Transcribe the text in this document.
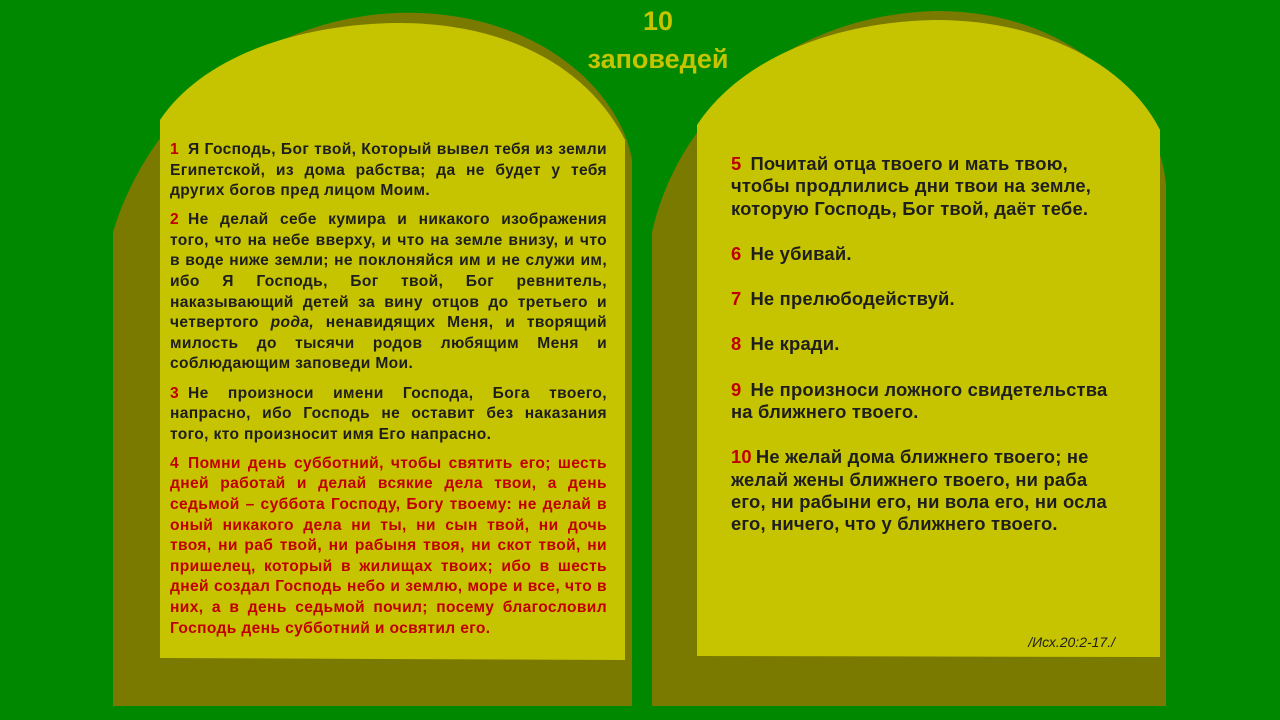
10
заповедей

1 Я Господь, Бог твой, Который вывел тебя из земли Египетской, из дома рабства; да не будет у тебя других богов пред лицом Моим.

2 Не делай себе кумира и никакого изображения того, что на небе вверху, и что на земле внизу, и что в воде ниже земли; не поклоняйся им и не служи им, ибо Я Господь, Бог твой, Бог ревнитель, наказывающий детей за вину отцов до третьего и четвертого рода, ненавидящих Меня, и творящий милость до тысячи родов любящим Меня и соблюдающим заповеди Мои.

3 Не произноси имени Господа, Бога твоего, напрасно, ибо Господь не оставит без наказания того, кто произносит имя Его напрасно.

4 Помни день субботний, чтобы святить его; шесть дней работай и делай всякие дела твои, а день седьмой – суббота Господу, Богу твоему: не делай в оный никакого дела ни ты, ни сын твой, ни дочь твоя, ни раб твой, ни рабыня твоя, ни скот твой, ни пришелец, который в жилищах твоих; ибо в шесть дней создал Господь небо и землю, море и все, что в них, а в день седьмой почил; посему благословил Господь день субботний и освятил его.

5 Почитай отца твоего и мать твою, чтобы продлились дни твои на земле, которую Господь, Бог твой, даёт тебе.

6 Не убивай.

7 Не прелюбодействуй.

8 Не кради.

9 Не произноси ложного свидетельства на ближнего твоего.

10 Не желай дома ближнего твоего; не желай жены ближнего твоего, ни раба его, ни рабыни его, ни вола его, ни осла его, ничего, что у ближнего твоего.

/Исх.20:2-17./
